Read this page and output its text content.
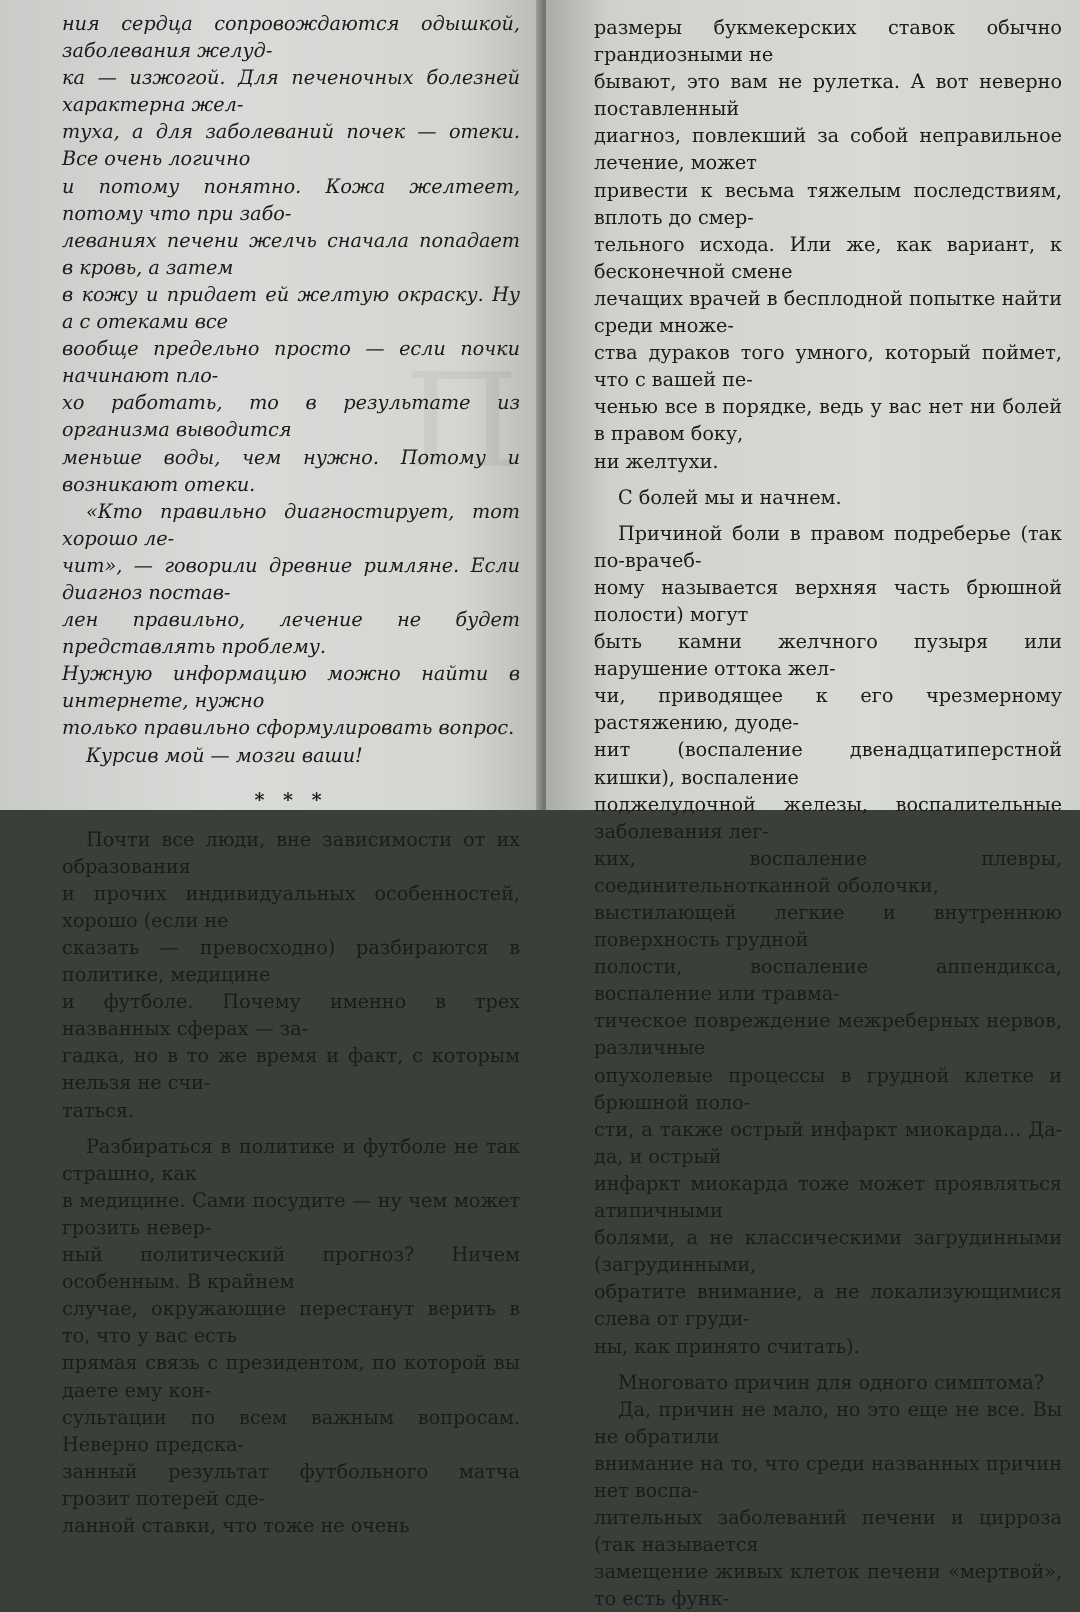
П

ния сердца сопровождаются одышкой, заболевания желуд-
ка — изжогой. Для печеночных болезней характерна жел-
туха, а для заболеваний почек — отеки. Все очень логично
и потому понятно. Кожа желтеет, потому что при забо-
леваниях печени желчь сначала попадает в кровь, а затем
в кожу и придает ей желтую окраску. Ну а с отеками все
вообще предельно просто — если почки начинают пло-
хо работать, то в результате из организма выводится
меньше воды, чем нужно. Потому и возникают отеки.

«Кто правильно диагностирует, тот хорошо ле-
чит», — говорили древние римляне. Если диагноз постав-
лен правильно, лечение не будет представлять проблему.
Нужную информацию можно найти в интернете, нужно
только правильно сформулировать вопрос.

Курсив мой — мозги ваши!

* * *

Почти все люди, вне зависимости от их образования
и прочих индивидуальных особенностей, хорошо (если не
сказать — превосходно) разбираются в политике, медицине
и футболе. Почему именно в трех названных сферах — за-
гадка, но в то же время и факт, с которым нельзя не счи-
таться.

Разбираться в политике и футболе не так страшно, как
в медицине. Сами посудите — ну чем может грозить невер-
ный политический прогноз? Ничем особенным. В крайнем
случае, окружающие перестанут верить в то, что у вас есть
прямая связь с президентом, по которой вы даете ему кон-
сультации по всем важным вопросам. Неверно предска-
занный результат футбольного матча грозит потерей сде-
ланной ставки, что тоже не очень

размеры букмекерских ставок обычно грандиозными не
бывают, это вам не рулетка. А вот неверно поставленный
диагноз, повлекший за собой неправильное лечение, может
привести к весьма тяжелым последствиям, вплоть до смер-
тельного исхода. Или же, как вариант, к бесконечной смене
лечащих врачей в бесплодной попытке найти среди множе-
ства дураков того умного, который поймет, что с вашей пе-
ченью все в порядке, ведь у вас нет ни болей в правом боку,
ни желтухи.

С болей мы и начнем.

Причиной боли в правом подреберье (так по-врачеб-
ному называется верхняя часть брюшной полости) могут
быть камни желчного пузыря или нарушение оттока жел-
чи, приводящее к его чрезмерному растяжению, дуоде-
нит (воспаление двенадцатиперстной кишки), воспаление
поджелудочной железы, воспалительные заболевания лег-
ких, воспаление плевры, соединительнотканной оболочки,
выстилающей легкие и внутреннюю поверхность грудной
полости, воспаление аппендикса, воспаление или травма-
тическое повреждение межреберных нервов, различные
опухолевые процессы в грудной клетке и брюшной поло-
сти, а также острый инфаркт миокарда... Да-да, и острый
инфаркт миокарда тоже может проявляться атипичными
болями, а не классическими загрудинными (загрудинными,
обратите внимание, а не локализующимися слева от груди-
ны, как принято считать).

Многовато причин для одного симптома?

Да, причин не мало, но это еще не все. Вы не обратили
внимание на то, что среди названных причин нет воспа-
лительных заболеваний печени и цирроза (так называется
замещение живых клеток печени «мертвой», то есть функ-
